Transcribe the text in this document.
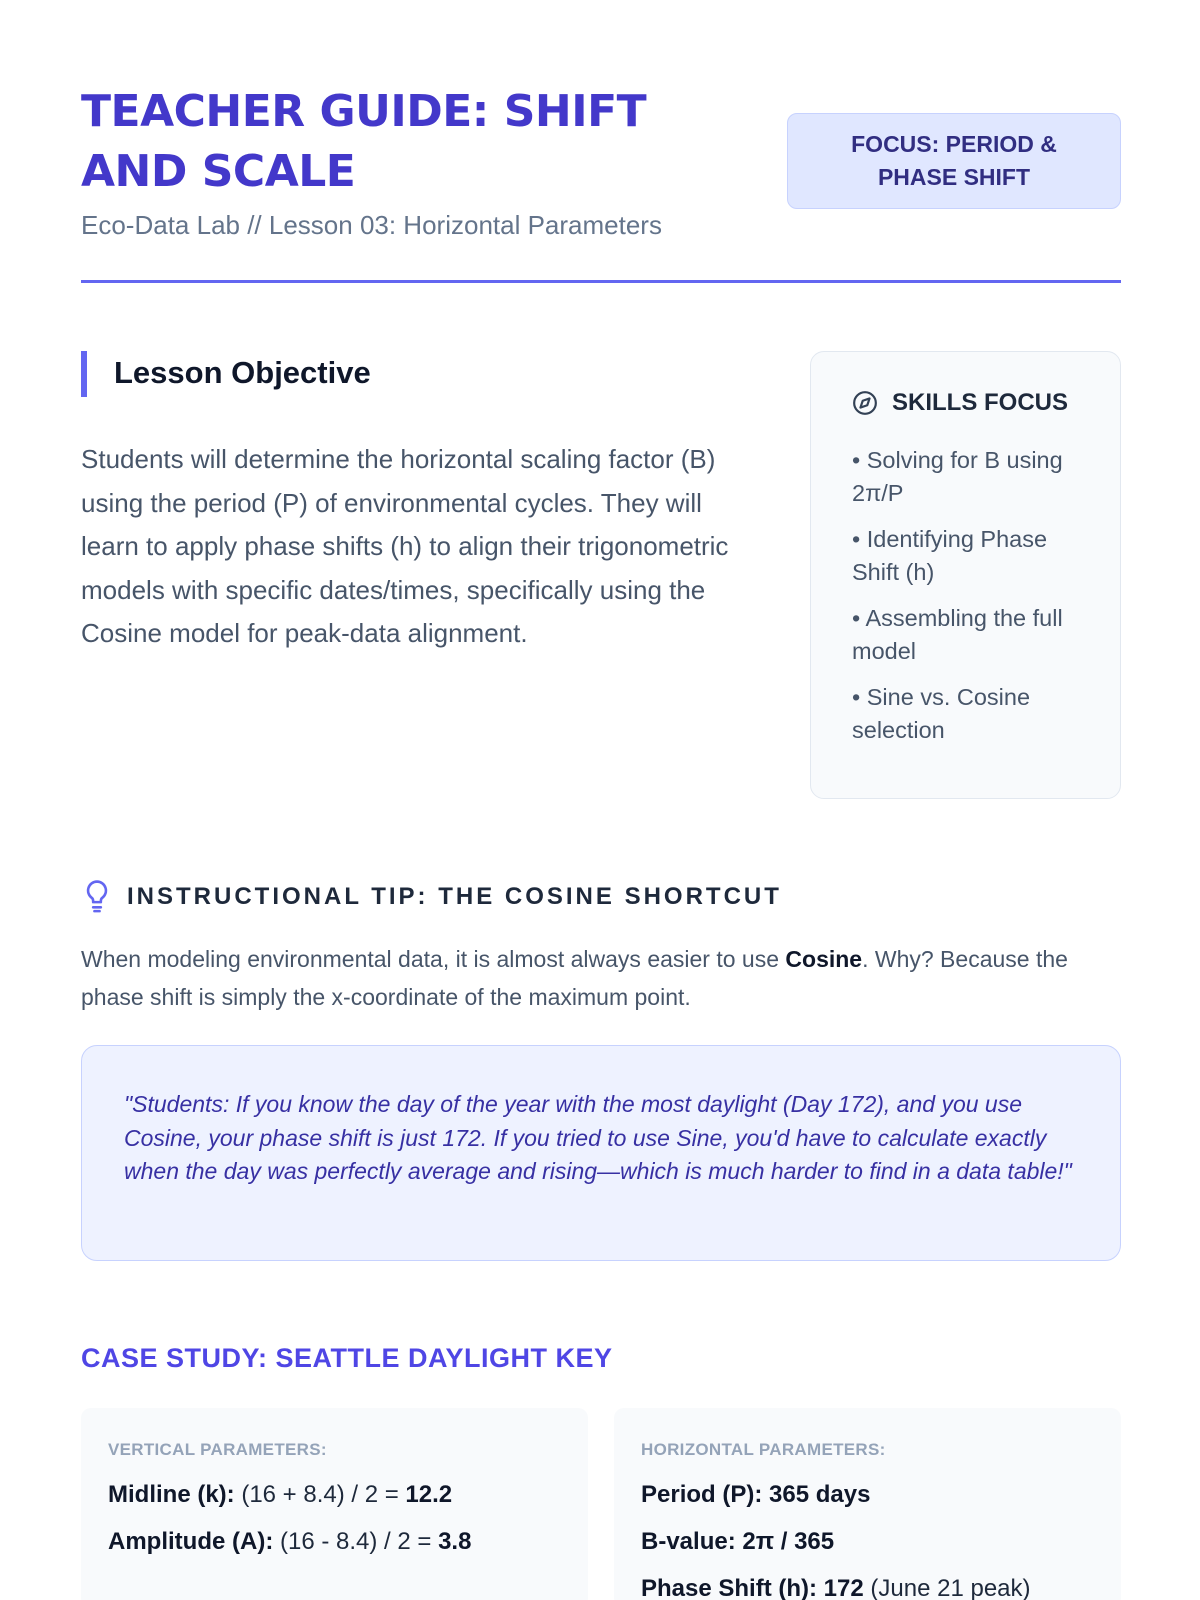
TEACHER GUIDE: SHIFT AND SCALE
Eco-Data Lab // Lesson 03: Horizontal Parameters
FOCUS: PERIOD & PHASE SHIFT
Lesson Objective

Students will determine the horizontal scaling factor (B) using the period (P) of environmental cycles. They will learn to apply phase shifts (h) to align their trigonometric models with specific dates/times, specifically using the Cosine model for peak-data alignment.

SKILLS FOCUS
• Solving for B using 2π/P
• Identifying Phase Shift (h)
• Assembling the full model
• Sine vs. Cosine selection
INSTRUCTIONAL TIP: THE COSINE SHORTCUT

When modeling environmental data, it is almost always easier to use Cosine. Why? Because the phase shift is simply the x-coordinate of the maximum point.

"Students: If you know the day of the year with the most daylight (Day 172), and you use Cosine, your phase shift is just 172. If you tried to use Sine, you'd have to calculate exactly when the day was perfectly average and rising—which is much harder to find in a data table!"

CASE STUDY: SEATTLE DAYLIGHT KEY
VERTICAL PARAMETERS:
Midline (k): (16 + 8.4) / 2 = 12.2
Amplitude (A): (16 - 8.4) / 2 = 3.8
HORIZONTAL PARAMETERS:
Period (P): 365 days
B-value: 2π / 365
Phase Shift (h): 172 (June 21 peak)
